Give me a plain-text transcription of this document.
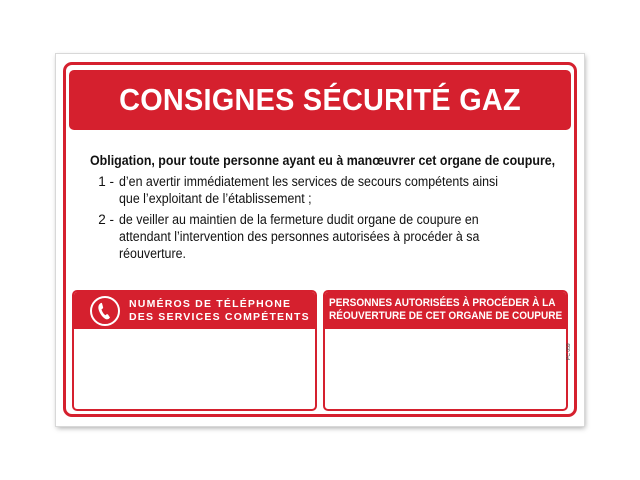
CONSIGNES SÉCURITÉ GAZ
Obligation, pour toute personne ayant eu à manœuvrer cet organe de coupure,
1 - d’en avertir immédiatement les services de secours compétents ainsi
que l’exploitant de l’établissement ;
2 - de veiller au maintien de la fermeture dudit organe de coupure en
attendant l’intervention des personnes autorisées à procéder à sa
réouverture.
NUMÉROS DE TÉLÉPHONE
DES SERVICES COMPÉTENTS
PERSONNES AUTORISÉES À PROCÉDER À LA
RÉOUVERTURE DE CET ORGANE DE COUPURE
PC 059
